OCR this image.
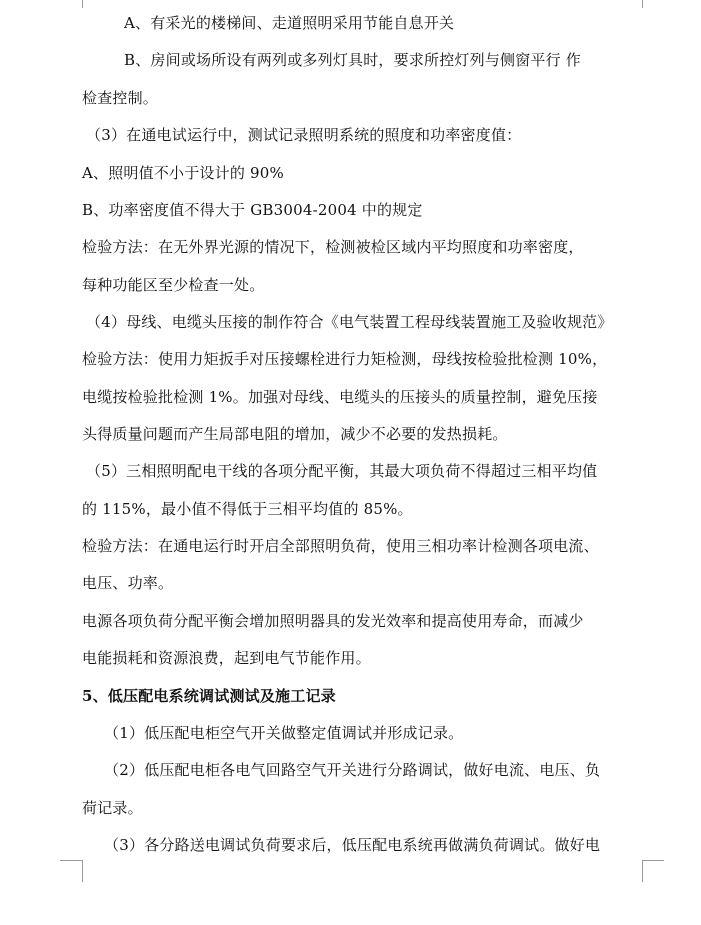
A、有采光的楼梯间、走道照明采用节能自息开关
B、房间或场所设有两列或多列灯具时，要求所控灯列与侧窗平行 作
检查控制。
（3）在通电试运行中，测试记录照明系统的照度和功率密度值：
A、照明值不小于设计的 90%
B、功率密度值不得大于 GB3004-2004 中的规定
检验方法：在无外界光源的情况下，检测被检区域内平均照度和功率密度，
每种功能区至少检查一处。
（4）母线、电缆头压接的制作符合《电气装置工程母线装置施工及验收规范》
检验方法：使用力矩扳手对压接螺栓进行力矩检测，母线按检验批检测 10%，
电缆按检验批检测 1%。加强对母线、电缆头的压接头的质量控制，避免压接
头得质量问题而产生局部电阻的增加，减少不必要的发热损耗。
（5）三相照明配电干线的各项分配平衡，其最大项负荷不得超过三相平均值
的 115%，最小值不得低于三相平均值的 85%。
检验方法：在通电运行时开启全部照明负荷，使用三相功率计检测各项电流、
电压、功率。
电源各项负荷分配平衡会增加照明器具的发光效率和提高使用寿命，而减少
电能损耗和资源浪费，起到电气节能作用。
5、低压配电系统调试测试及施工记录
（1）低压配电柜空气开关做整定值调试并形成记录。
（2）低压配电柜各电气回路空气开关进行分路调试，做好电流、电压、负
荷记录。
（3）各分路送电调试负荷要求后，低压配电系统再做满负荷调试。做好电
